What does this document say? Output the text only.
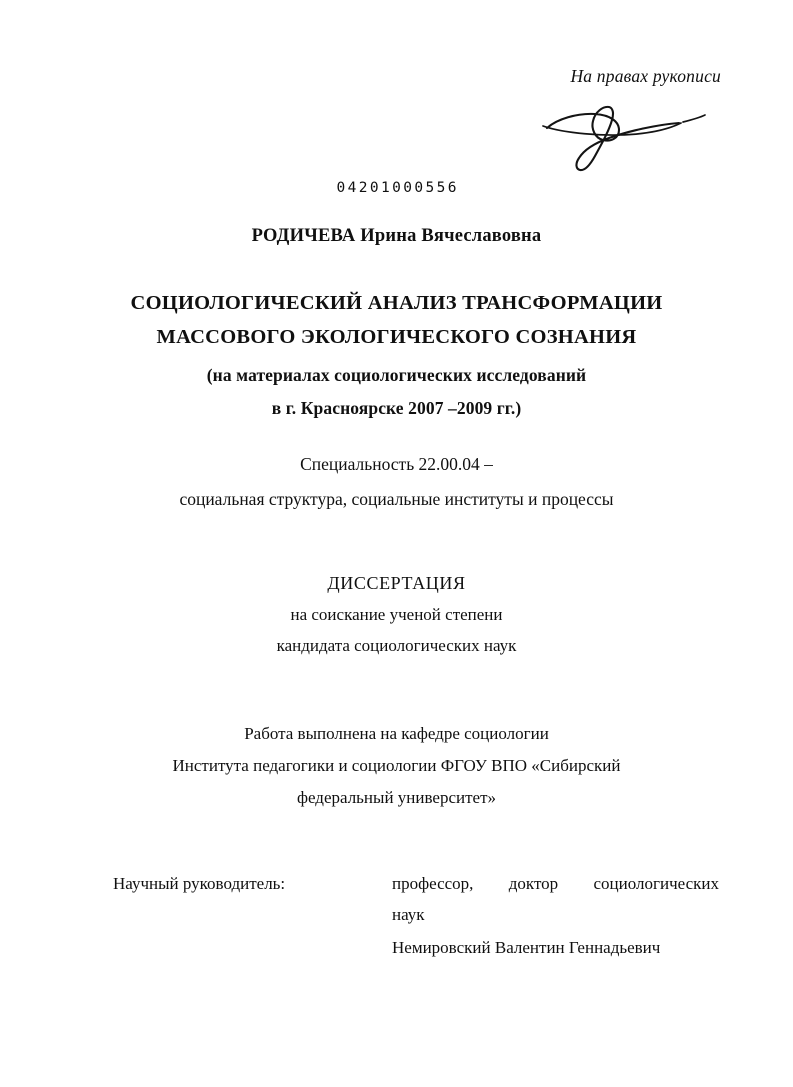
На правах рукописи
04201000556
РОДИЧЕВА Ирина Вячеславовна
СОЦИОЛОГИЧЕСКИЙ АНАЛИЗ ТРАНСФОРМАЦИИ
МАССОВОГО ЭКОЛОГИЧЕСКОГО СОЗНАНИЯ
(на материалах социологических исследований
в г. Красноярске 2007 –2009 гг.)
Специальность 22.00.04 –
социальная структура, социальные институты и процессы
ДИССЕРТАЦИЯ
на соискание ученой степени
кандидата социологических наук
Работа выполнена на кафедре социологии
Института педагогики и социологии ФГОУ ВПО «Сибирский
федеральный университет»
Научный руководитель:	профессор, доктор социологических
наук
Немировский Валентин Геннадьевич
